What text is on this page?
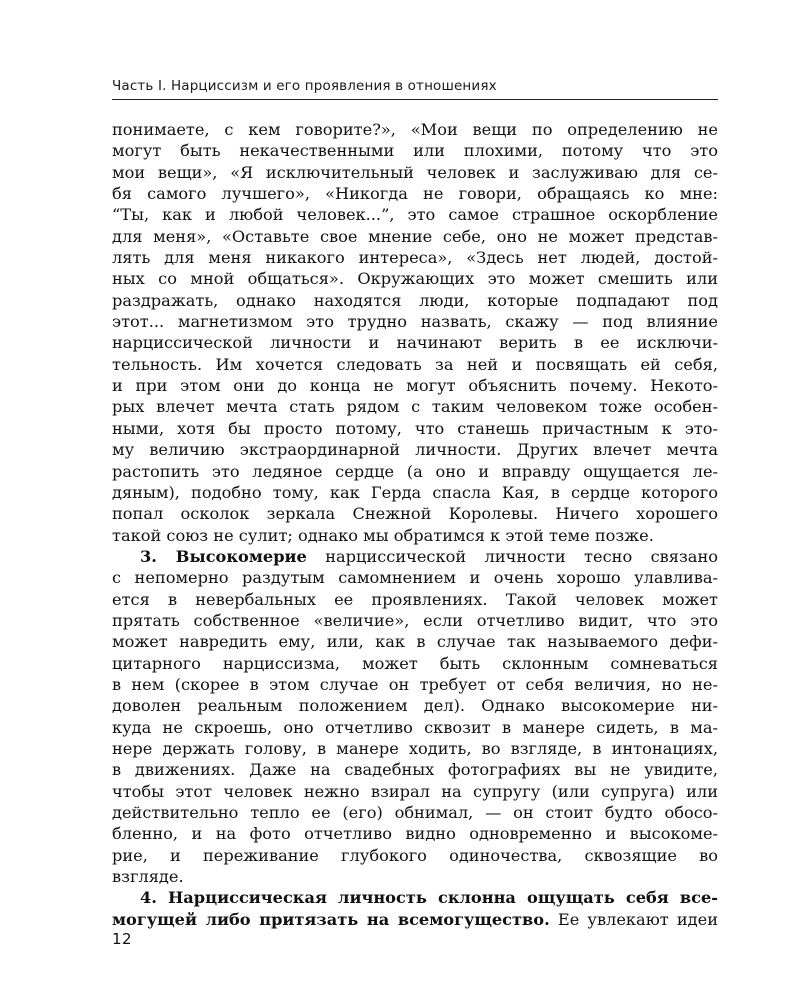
Часть I. Нарциссизм и его проявления в отношениях
понимаете, с кем говорите?», «Мои вещи по определению не
могут быть некачественными или плохими, потому что это
мои вещи», «Я исключительный человек и заслуживаю для се-
бя самого лучшего», «Никогда не говори, обращаясь ко мне:
“Ты, как и любой человек...”, это самое страшное оскорбление
для меня», «Оставьте свое мнение себе, оно не может представ-
лять для меня никакого интереса», «Здесь нет людей, достой-
ных со мной общаться». Окружающих это может смешить или
раздражать, однако находятся люди, которые подпадают под
этот... магнетизмом это трудно назвать, скажу — под влияние
нарциссической личности и начинают верить в ее исключи-
тельность. Им хочется следовать за ней и посвящать ей себя,
и при этом они до конца не могут объяснить почему. Некото-
рых влечет мечта стать рядом с таким человеком тоже особен-
ными, хотя бы просто потому, что станешь причастным к это-
му величию экстраординарной личности. Других влечет мечта
растопить это ледяное сердце (а оно и вправду ощущается ле-
дяным), подобно тому, как Герда спасла Кая, в сердце которого
попал осколок зеркала Снежной Королевы. Ничего хорошего
такой союз не сулит; однако мы обратимся к этой теме позже.
3. Высокомерие нарциссической личности тесно связано
с непомерно раздутым самомнением и очень хорошо улавлива-
ется в невербальных ее проявлениях. Такой человек может
прятать собственное «величие», если отчетливо видит, что это
может навредить ему, или, как в случае так называемого дефи-
цитарного нарциссизма, может быть склонным сомневаться
в нем (скорее в этом случае он требует от себя величия, но не-
доволен реальным положением дел). Однако высокомерие ни-
куда не скроешь, оно отчетливо сквозит в манере сидеть, в ма-
нере держать голову, в манере ходить, во взгляде, в интонациях,
в движениях. Даже на свадебных фотографиях вы не увидите,
чтобы этот человек нежно взирал на супругу (или супруга) или
действительно тепло ее (его) обнимал, — он стоит будто обосо-
бленно, и на фото отчетливо видно одновременно и высокоме-
рие, и переживание глубокого одиночества, сквозящие во
взгляде.
4. Нарциссическая личность склонна ощущать себя все-
могущей либо притязать на всемогущество. Ее увлекают идеи
12
